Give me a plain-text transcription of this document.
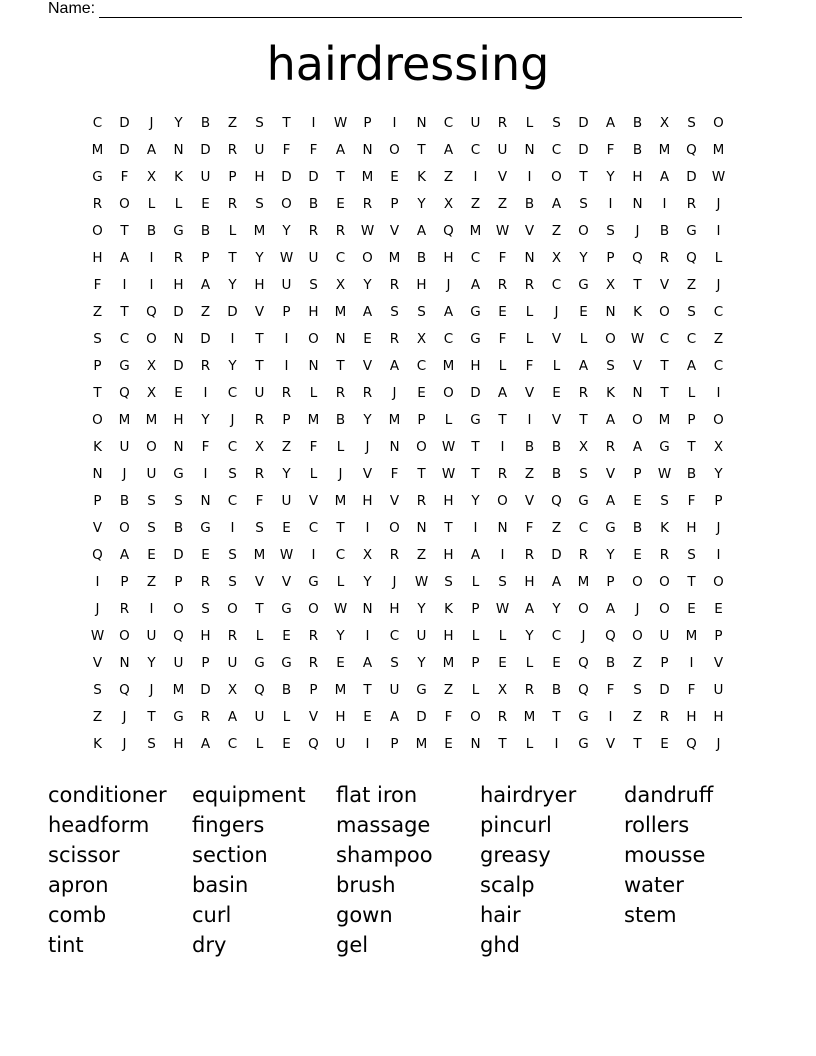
Name:
hairdressing
C	D	J	Y	B	Z	S	T	I	W	P	I	N	C	U	R	L	S	D	A	B	X	S	O
M	D	A	N	D	R	U	F	F	A	N	O	T	A	C	U	N	C	D	F	B	M	Q	M
G	F	X	K	U	P	H	D	D	T	M	E	K	Z	I	V	I	O	T	Y	H	A	D	W
R	O	L	L	E	R	S	O	B	E	R	P	Y	X	Z	Z	B	A	S	I	N	I	R	J
O	T	B	G	B	L	M	Y	R	R	W	V	A	Q	M	W	V	Z	O	S	J	B	G	I
H	A	I	R	P	T	Y	W	U	C	O	M	B	H	C	F	N	X	Y	P	Q	R	Q	L
F	I	I	H	A	Y	H	U	S	X	Y	R	H	J	A	R	R	C	G	X	T	V	Z	J
Z	T	Q	D	Z	D	V	P	H	M	A	S	S	A	G	E	L	J	E	N	K	O	S	C
S	C	O	N	D	I	T	I	O	N	E	R	X	C	G	F	L	V	L	O	W	C	C	Z
P	G	X	D	R	Y	T	I	N	T	V	A	C	M	H	L	F	L	A	S	V	T	A	C
T	Q	X	E	I	C	U	R	L	R	R	J	E	O	D	A	V	E	R	K	N	T	L	I
O	M	M	H	Y	J	R	P	M	B	Y	M	P	L	G	T	I	V	T	A	O	M	P	O
K	U	O	N	F	C	X	Z	F	L	J	N	O	W	T	I	B	B	X	R	A	G	T	X
N	J	U	G	I	S	R	Y	L	J	V	F	T	W	T	R	Z	B	S	V	P	W	B	Y
P	B	S	S	N	C	F	U	V	M	H	V	R	H	Y	O	V	Q	G	A	E	S	F	P
V	O	S	B	G	I	S	E	C	T	I	O	N	T	I	N	F	Z	C	G	B	K	H	J
Q	A	E	D	E	S	M	W	I	C	X	R	Z	H	A	I	R	D	R	Y	E	R	S	I
I	P	Z	P	R	S	V	V	G	L	Y	J	W	S	L	S	H	A	M	P	O	O	T	O
J	R	I	O	S	O	T	G	O	W	N	H	Y	K	P	W	A	Y	O	A	J	O	E	E
W	O	U	Q	H	R	L	E	R	Y	I	C	U	H	L	L	Y	C	J	Q	O	U	M	P
V	N	Y	U	P	U	G	G	R	E	A	S	Y	M	P	E	L	E	Q	B	Z	P	I	V
S	Q	J	M	D	X	Q	B	P	M	T	U	G	Z	L	X	R	B	Q	F	S	D	F	U
Z	J	T	G	R	A	U	L	V	H	E	A	D	F	O	R	M	T	G	I	Z	R	H	H
K	J	S	H	A	C	L	E	Q	U	I	P	M	E	N	T	L	I	G	V	T	E	Q	J
conditioner	equipment	flat iron	hairdryer	dandruff
headform	fingers	massage	pincurl	rollers
scissor	section	shampoo	greasy	mousse
apron	basin	brush	scalp	water
comb	curl	gown	hair	stem
tint	dry	gel	ghd
